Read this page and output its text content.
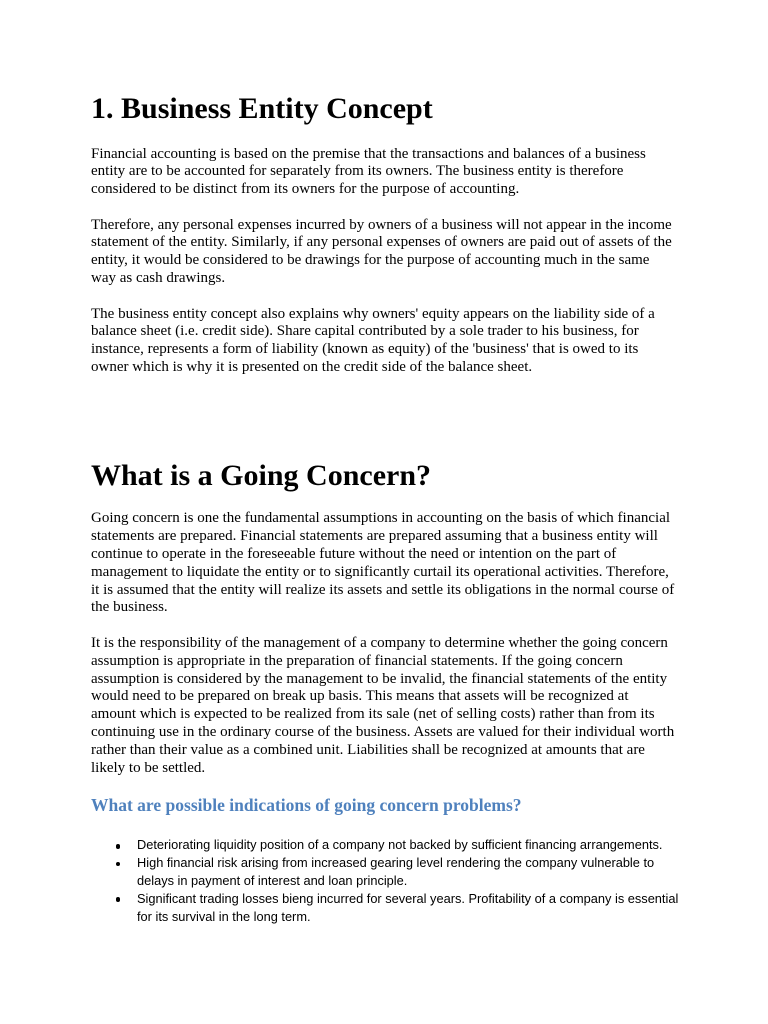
1. Business Entity Concept

Financial accounting is based on the premise that the transactions and balances of a business
entity are to be accounted for separately from its owners. The business entity is therefore
considered to be distinct from its owners for the purpose of accounting.

Therefore, any personal expenses incurred by owners of a business will not appear in the income
statement of the entity. Similarly, if any personal expenses of owners are paid out of assets of the
entity, it would be considered to be drawings for the purpose of accounting much in the same
way as cash drawings.

The business entity concept also explains why owners' equity appears on the liability side of a
balance sheet (i.e. credit side). Share capital contributed by a sole trader to his business, for
instance, represents a form of liability (known as equity) of the 'business' that is owed to its
owner which is why it is presented on the credit side of the balance sheet.

What is a Going Concern?

Going concern is one the fundamental assumptions in accounting on the basis of which financial
statements are prepared. Financial statements are prepared assuming that a business entity will
continue to operate in the foreseeable future without the need or intention on the part of
management to liquidate the entity or to significantly curtail its operational activities. Therefore,
it is assumed that the entity will realize its assets and settle its obligations in the normal course of
the business.

It is the responsibility of the management of a company to determine whether the going concern
assumption is appropriate in the preparation of financial statements. If the going concern
assumption is considered by the management to be invalid, the financial statements of the entity
would need to be prepared on break up basis. This means that assets will be recognized at
amount which is expected to be realized from its sale (net of selling costs) rather than from its
continuing use in the ordinary course of the business. Assets are valued for their individual worth
rather than their value as a combined unit. Liabilities shall be recognized at amounts that are
likely to be settled.

What are possible indications of going concern problems?
Deteriorating liquidity position of a company not backed by sufficient financing arrangements.
High financial risk arising from increased gearing level rendering the company vulnerable to
delays in payment of interest and loan principle.
Significant trading losses bieng incurred for several years. Profitability of a company is essential
for its survival in the long term.
